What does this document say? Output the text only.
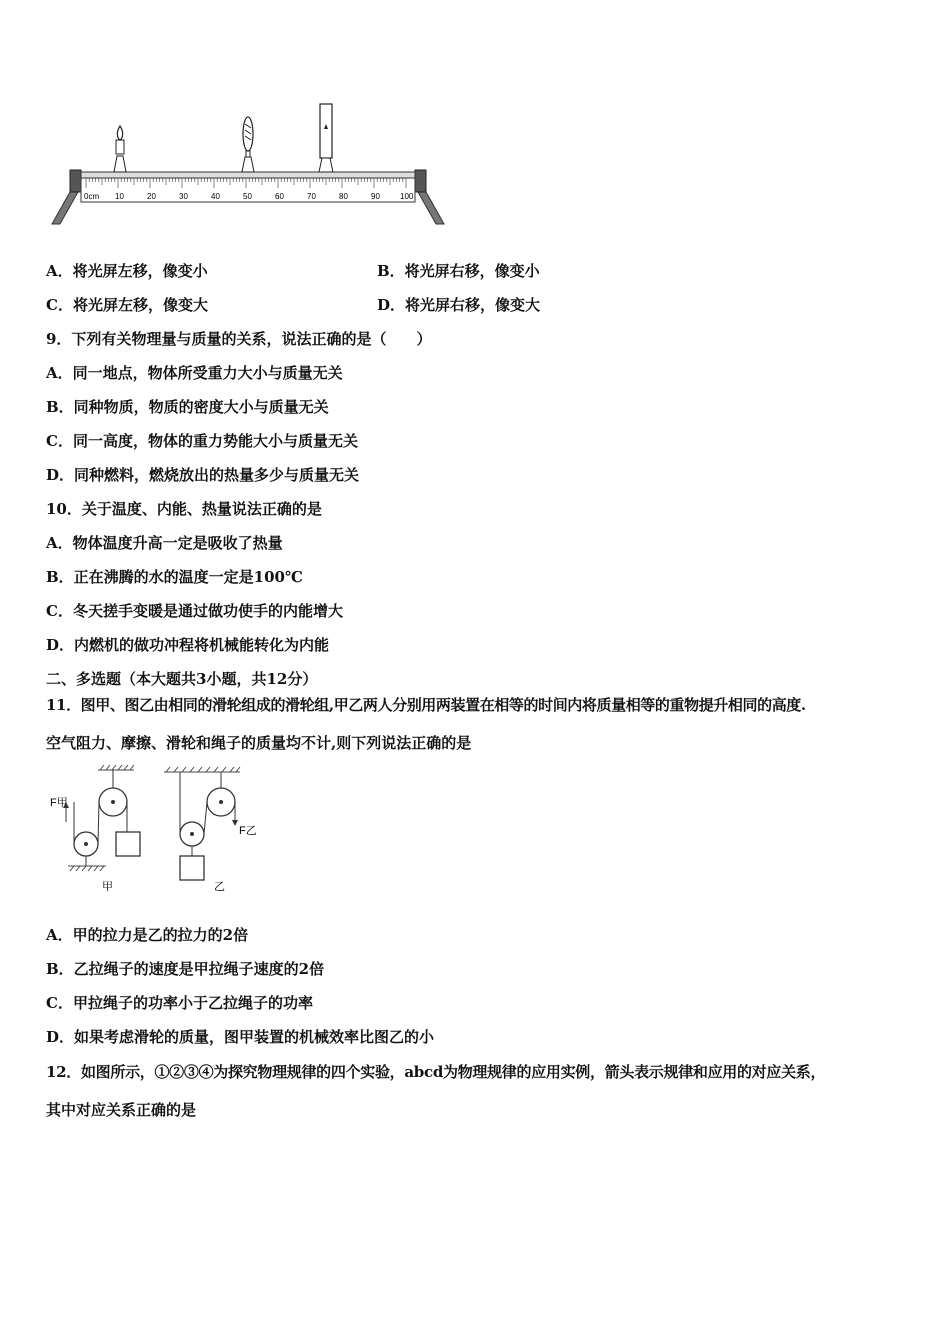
0cm 10	20	30	40	50	60	70	80	90	100
A．将光屏左移，像变小	B．将光屏右移，像变小
C．将光屏左移，像变大	D．将光屏右移，像变大
9．下列有关物理量与质量的关系，说法正确的是（　　）
A．同一地点，物体所受重力大小与质量无关
B．同种物质，物质的密度大小与质量无关
C．同一高度，物体的重力势能大小与质量无关
D．同种燃料，燃烧放出的热量多少与质量无关
10．关于温度、内能、热量说法正确的是
A．物体温度升高一定是吸收了热量
B．正在沸腾的水的温度一定是100℃
C．冬天搓手变暖是通过做功使手的内能增大
D．内燃机的做功冲程将机械能转化为内能
二、多选题（本大题共3小题，共12分）
11．图甲、图乙由相同的滑轮组成的滑轮组,甲乙两人分别用两装置在相等的时间内将质量相等的重物提升相同的高度.
空气阻力、摩擦、滑轮和绳子的质量均不计,则下列说法正确的是
F甲
甲
F乙
乙
A．甲的拉力是乙的拉力的2倍
B．乙拉绳子的速度是甲拉绳子速度的2倍
C．甲拉绳子的功率小于乙拉绳子的功率
D．如果考虑滑轮的质量，图甲装置的机械效率比图乙的小
12．如图所示，①②③④为探究物理规律的四个实验，abcd为物理规律的应用实例，箭头表示规律和应用的对应关系，
其中对应关系正确的是
